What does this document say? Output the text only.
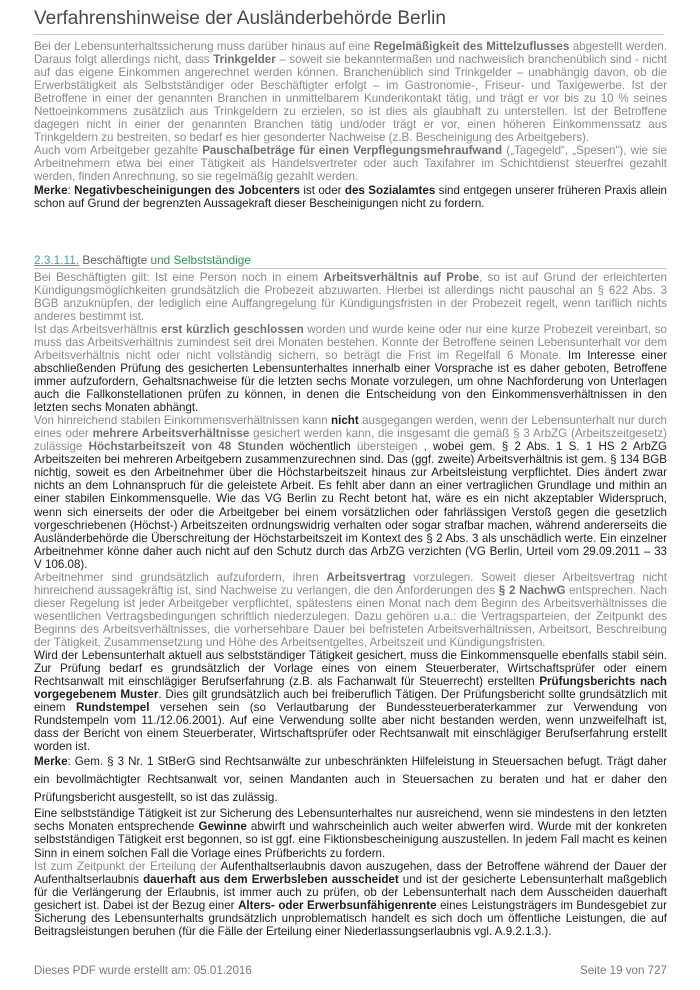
Verfahrenshinweise der Ausländerbehörde Berlin

Bei der Lebensunterhaltssicherung muss darüber hinaus auf eine Regelmäßigkeit des Mittelzuflusses abgestellt werden. Daraus folgt allerdings nicht, dass Trinkgelder – soweit sie bekanntermaßen und nachweislich branchenüblich sind - nicht auf das eigene Einkommen angerechnet werden können. Branchenüblich sind Trinkgelder – unabhängig davon, ob die Erwerbstätigkeit als Selbstständiger oder Beschäftigter erfolgt – im Gastronomie-, Friseur- und Taxigewerbe. Ist der Betroffene in einer der genannten Branchen in unmittelbarem Kundenkontakt tätig, und trägt er vor bis zu 10 % seines Nettoeinkommens zusätzlich aus Trinkgeldern zu erzielen, so ist dies als glaubhaft zu unterstellen. Ist der Betroffene dagegen nicht in einer der genannten Branchen tätig und/oder trägt er vor, einen höheren Einkommenssatz aus Trinkgeldern zu bestreiten, so bedarf es hier gesonderter Nachweise (z.B. Bescheinigung des Arbeitgebers).

Auch vom Arbeitgeber gezahlte Pauschalbeträge für einen Verpflegungsmehraufwand („Tagegeld“, „Spesen“), wie sie Arbeitnehmern etwa bei einer Tätigkeit als Handelsvertreter oder auch Taxifahrer im Schichtdienst steuerfrei gezahlt werden, finden Anrechnung, so sie regelmäßig gezahlt werden.

Merke: Negativbescheinigungen des Jobcenters ist oder des Sozialamtes sind entgegen unserer früheren Praxis allein schon auf Grund der begrenzten Aussagekraft dieser Bescheinigungen nicht zu fordern.

2.3.1.11. Beschäftigte und Selbstständige

Bei Beschäftigten gilt: Ist eine Person noch in einem Arbeitsverhältnis auf Probe, so ist auf Grund der erleichterten Kündigungsmöglichkeiten grundsätzlich die Probezeit abzuwarten. Hierbei ist allerdings nicht pauschal an § 622 Abs. 3 BGB anzuknüpfen, der lediglich eine Auffangregelung für Kündigungsfristen in der Probezeit regelt, wenn tariflich nichts anderes bestimmt ist.

Ist das Arbeitsverhältnis erst kürzlich geschlossen worden und wurde keine oder nur eine kurze Probezeit vereinbart, so muss das Arbeitsverhältnis zumindest seit drei Monaten bestehen. Konnte der Betroffene seinen Lebensunterhalt vor dem Arbeitsverhältnis nicht oder nicht vollständig sichern, so beträgt die Frist im Regelfall 6 Monate. Im Interesse einer abschließenden Prüfung des gesicherten Lebensunterhaltes innerhalb einer Vorsprache ist es daher geboten, Betroffene immer aufzufordern, Gehaltsnachweise für die letzten sechs Monate vorzulegen, um ohne Nachforderung von Unterlagen auch die Fallkonstellationen prüfen zu können, in denen die Entscheidung von den Einkommensverhältnissen in den letzten sechs Monaten abhängt.

Von hinreichend stabilen Einkommensverhältnissen kann nicht ausgegangen werden, wenn der Lebensunterhalt nur durch eines oder mehrere Arbeitsverhältnisse gesichert werden kann, die insgesamt die gemäß § 3 ArbZG (Arbeitszeitgesetz) zulässige Höchstarbeitszeit von 48 Stunden wöchentlich übersteigen , wobei gem. § 2 Abs. 1 S. 1 HS 2 ArbZG Arbeitszeiten bei mehreren Arbeitgebern zusammenzurechnen sind. Das (ggf. zweite) Arbeitsverhältnis ist gem. § 134 BGB nichtig, soweit es den Arbeitnehmer über die Höchstarbeitszeit hinaus zur Arbeitsleistung verpflichtet. Dies ändert zwar nichts an dem Lohnanspruch für die geleistete Arbeit. Es fehlt aber dann an einer vertraglichen Grundlage und mithin an einer stabilen Einkommensquelle. Wie das VG Berlin zu Recht betont hat, wäre es ein nicht akzeptabler Widerspruch, wenn sich einerseits der oder die Arbeitgeber bei einem vorsätzlichen oder fahrlässigen Verstoß gegen die gesetzlich vorgeschriebenen (Höchst-) Arbeitszeiten ordnungswidrig verhalten oder sogar strafbar machen, während andererseits die Ausländerbehörde die Überschreitung der Höchstarbeitszeit im Kontext des § 2 Abs. 3 als unschädlich werte. Ein einzelner Arbeitnehmer könne daher auch nicht auf den Schutz durch das ArbZG verzichten (VG Berlin, Urteil vom 29.09.2011 – 33 V 106.08).

Arbeitnehmer sind grundsätzlich aufzufordern, ihren Arbeitsvertrag vorzulegen. Soweit dieser Arbeitsvertrag nicht hinreichend aussagekräftig ist, sind Nachweise zu verlangen, die den Anforderungen des § 2 NachwG entsprechen. Nach dieser Regelung ist jeder Arbeitgeber verpflichtet, spätestens einen Monat nach dem Beginn des Arbeitsverhältnisses die wesentlichen Vertragsbedingungen schriftlich niederzulegen. Dazu gehören u.a.: die Vertragsparteien, der Zeitpunkt des Beginns des Arbeitsverhältnisses, die vorhersehbare Dauer bei befristeten Arbeitsverhältnissen, Arbeitsort, Beschreibung der Tätigkeit, Zusammensetzung und Höhe des Arbeitsentgeltes, Arbeitszeit und Kündigungsfristen.

Wird der Lebensunterhalt aktuell aus selbstständiger Tätigkeit gesichert, muss die Einkommensquelle ebenfalls stabil sein. Zur Prüfung bedarf es grundsätzlich der Vorlage eines von einem Steuerberater, Wirtschaftsprüfer oder einem Rechtsanwalt mit einschlägiger Berufserfahrung (z.B. als Fachanwalt für Steuerrecht) erstellten Prüfungsberichts nach vorgegebenem Muster. Dies gilt grundsätzlich auch bei freiberuflich Tätigen. Der Prüfungsbericht sollte grundsätzlich mit einem Rundstempel versehen sein (so Verlautbarung der Bundessteuerberaterkammer zur Verwendung von Rundstempeln vom 11./12.06.2001). Auf eine Verwendung sollte aber nicht bestanden werden, wenn unzweifelhaft ist, dass der Bericht von einem Steuerberater, Wirtschaftsprüfer oder Rechtsanwalt mit einschlägiger Berufserfahrung erstellt worden ist.

Merke: Gem. § 3 Nr. 1 StBerG sind Rechtsanwälte zur unbeschränkten Hilfeleistung in Steuersachen befugt. Trägt daher ein bevollmächtigter Rechtsanwalt vor, seinen Mandanten auch in Steuersachen zu beraten und hat er daher den Prüfungsbericht ausgestellt, so ist das zulässig.

Eine selbstständige Tätigkeit ist zur Sicherung des Lebensunterhaltes nur ausreichend, wenn sie mindestens in den letzten sechs Monaten entsprechende Gewinne abwirft und wahrscheinlich auch weiter abwerfen wird. Wurde mit der konkreten selbstständigen Tätigkeit erst begonnen, so ist ggf. eine Fiktionsbescheinigung auszustellen. In jedem Fall macht es keinen Sinn in einem solchen Fall die Vorlage eines Prüfberichts zu fordern.

Ist zum Zeitpunkt der Erteilung der Aufenthaltserlaubnis davon auszugehen, dass der Betroffene während der Dauer der Aufenthaltserlaubnis dauerhaft aus dem Erwerbsleben ausscheidet und ist der gesicherte Lebensunterhalt maßgeblich für die Verlängerung der Erlaubnis, ist immer auch zu prüfen, ob der Lebensunterhalt nach dem Ausscheiden dauerhaft gesichert ist. Dabei ist der Bezug einer Alters- oder Erwerbsunfähigenrente eines Leistungsträgers im Bundesgebiet zur Sicherung des Lebensunterhalts grundsätzlich unproblematisch handelt es sich doch um öffentliche Leistungen, die auf Beitragsleistungen beruhen (für die Fälle der Erteilung einer Niederlassungserlaubnis vgl. A.9.2.1.3.).

Dieses PDF wurde erstellt am: 05.01.2016	Seite 19 von 727
